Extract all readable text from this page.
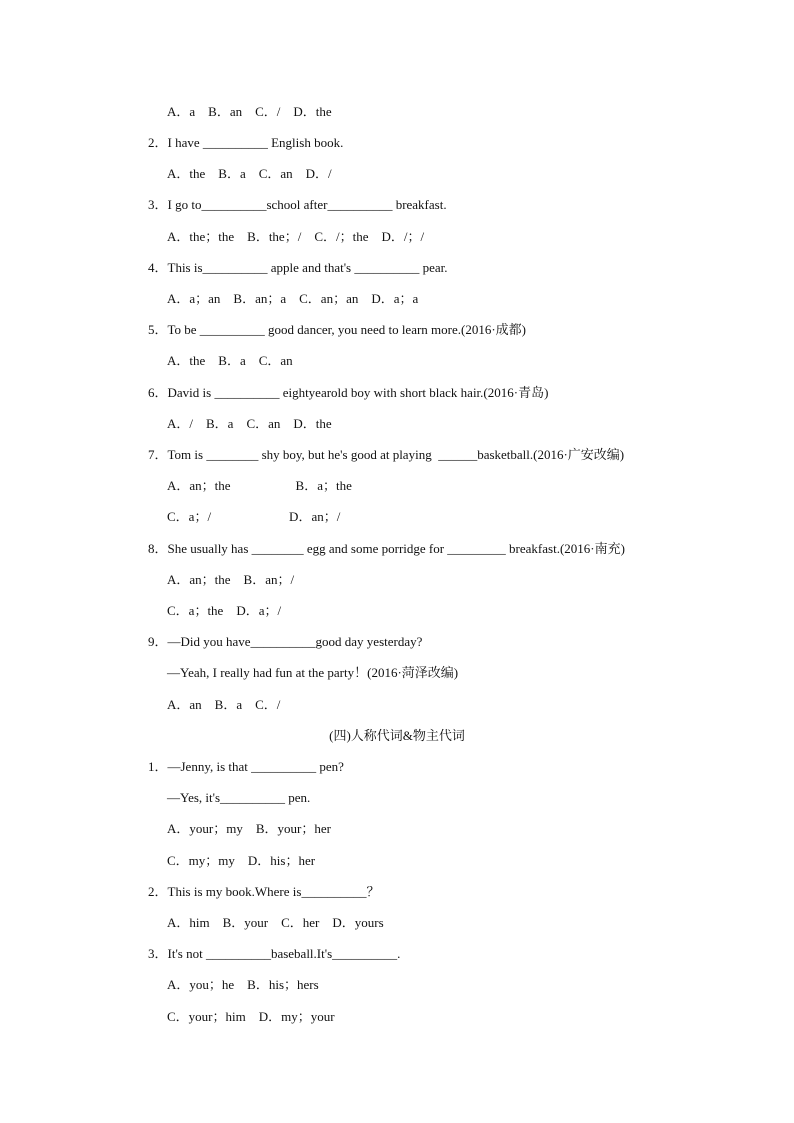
A．a    B．an    C．/    D．the
2．I have __________ English book.
A．the    B．a    C．an    D．/
3．I go to__________school after__________ breakfast.
A．the；the    B．the；/    C．/；the    D．/；/
4．This is__________ apple and that's __________ pear.
A．a；an    B．an；a    C．an；an    D．a；a
5．To be __________ good dancer, you need to learn more.(2016·成都)
A．the    B．a    C．an
6．David is __________ eightyearold boy with short black hair.(2016·青岛)
A．/    B．a    C．an    D．the
7．Tom is ________ shy boy, but he's good at playing  ______basketball.(2016·广安改编)
A．an；the                    B．a；the
C．a；/                        D．an；/
8．She usually has ________ egg and some porridge for _________ breakfast.(2016·南充)
A．an；the    B．an；/
C．a；the    D．a；/
9．—Did you have__________good day yesterday?
—Yeah, I really had fun at the party！(2016·菏泽改编)
A．an    B．a    C．/
(四)人称代词&物主代词
1．—Jenny, is that __________ pen?
—Yes, it's__________ pen.
A．your；my    B．your；her
C．my；my    D．his；her
2．This is my book.Where is__________？
A．him    B．your    C．her    D．yours
3．It's not __________baseball.It's__________.
A．you；he    B．his；hers
C．your；him    D．my；your
